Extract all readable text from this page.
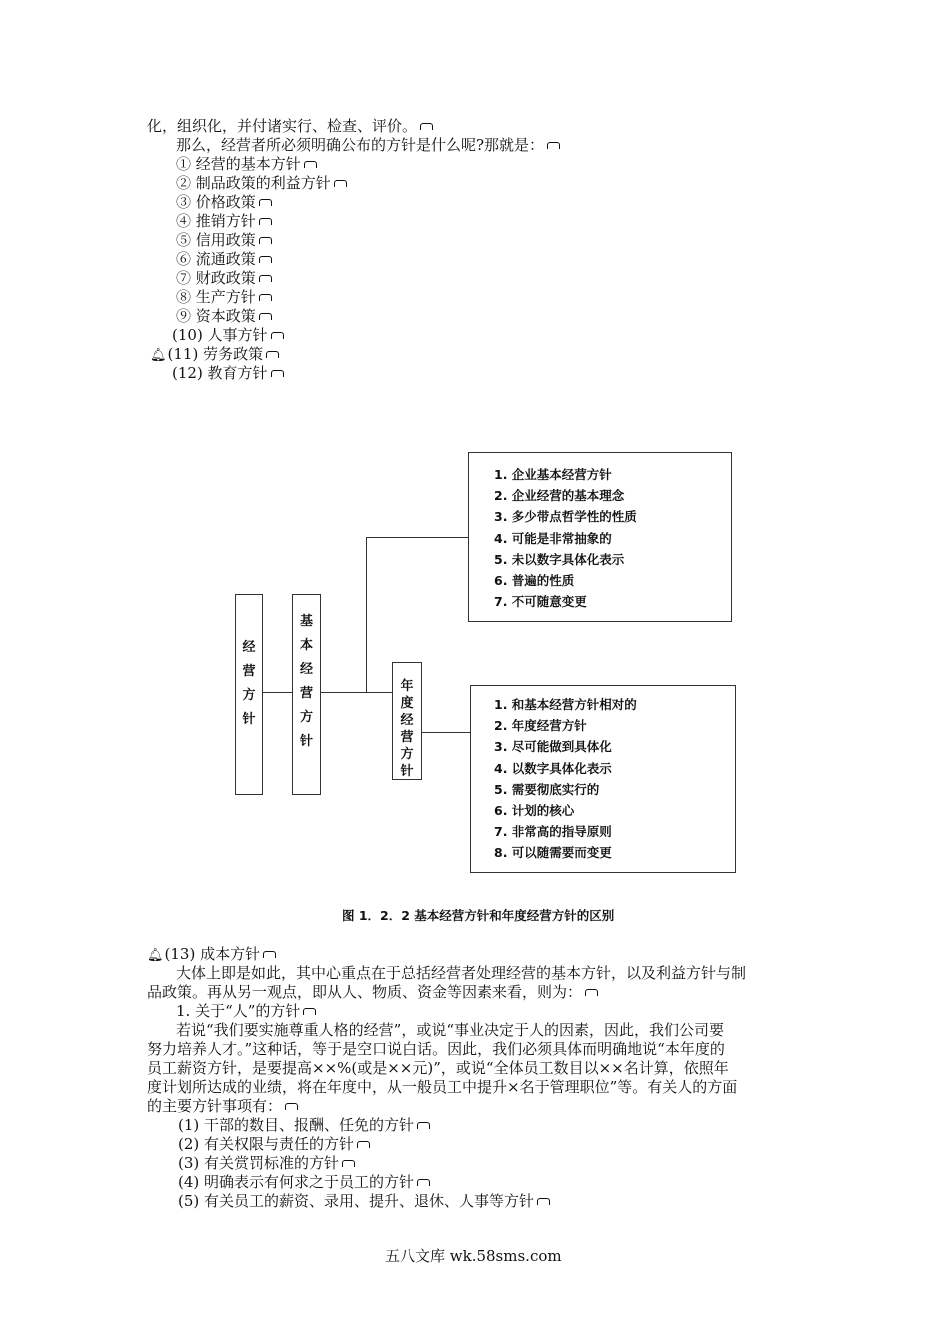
化，组织化，并付诸实行、检查、评价。
那么，经营者所必须明确公布的方针是什么呢?那就是：
① 经营的基本方针
② 制品政策的利益方针
③ 价格政策
④ 推销方针
⑤ 信用政策
⑥ 流通政策
⑦ 财政政策
⑧ 生产方针
⑨ 资本政策
(10) 人事方针
🔔︎(11) 劳务政策
(12) 教育方针
经
营
方
针
基
本
经
营
方
针
年
度
经
营
方
针
1. 企业基本经营方针
2. 企业经营的基本理念
3. 多少带点哲学性的性质
4. 可能是非常抽象的
5. 未以数字具体化表示
6. 普遍的性质
7. 不可随意变更
1. 和基本经营方针相对的
2. 年度经营方针
3. 尽可能做到具体化
4. 以数字具体化表示
5. 需要彻底实行的
6. 计划的核心
7. 非常高的指导原则
8. 可以随需要而变更
图 1．2．2 基本经营方针和年度经营方针的区别
🔔︎(13) 成本方针
大体上即是如此，其中心重点在于总括经营者处理经营的基本方针，以及利益方针与制
品政策。再从另一观点，即从人、物质、资金等因素来看，则为：
1. 关于“人”的方针
若说“我们要实施尊重人格的经营”，或说“事业决定于人的因素，因此，我们公司要
努力培养人才。”这种话，等于是空口说白话。因此，我们必须具体而明确地说“本年度的
员工薪资方针，是要提高××%(或是××元)”，或说“全体员工数目以××名计算，依照年
度计划所达成的业绩，将在年度中，从一般员工中提升×名于管理职位”等。有关人的方面
的主要方针事项有：
(1) 干部的数目、报酬、任免的方针
(2) 有关权限与责任的方针
(3) 有关赏罚标准的方针
(4) 明确表示有何求之于员工的方针
(5) 有关员工的薪资、录用、提升、退休、人事等方针
五八文库 wk.58sms.com
